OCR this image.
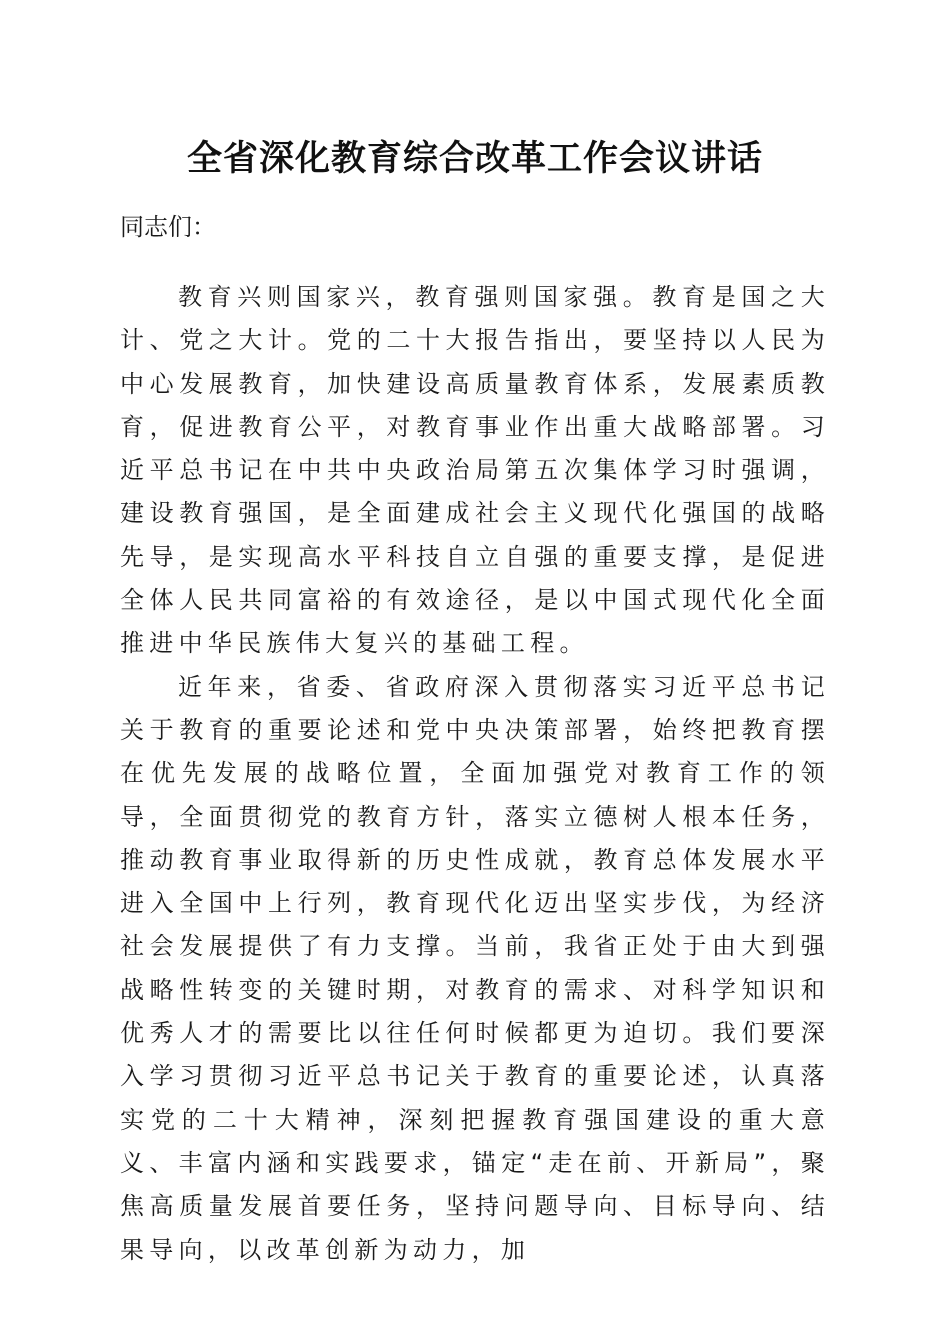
全省深化教育综合改革工作会议讲话

同志们：

教育兴则国家兴，教育强则国家强。教育是国之大计、党之大计。党的二十大报告指出，要坚持以人民为中心发展教育，加快建设高质量教育体系，发展素质教育，促进教育公平，对教育事业作出重大战略部署。习近平总书记在中共中央政治局第五次集体学习时强调，建设教育强国，是全面建成社会主义现代化强国的战略先导，是实现高水平科技自立自强的重要支撑，是促进全体人民共同富裕的有效途径，是以中国式现代化全面推进中华民族伟大复兴的基础工程。

近年来，省委、省政府深入贯彻落实习近平总书记关于教育的重要论述和党中央决策部署，始终把教育摆在优先发展的战略位置，全面加强党对教育工作的领导，全面贯彻党的教育方针，落实立德树人根本任务，推动教育事业取得新的历史性成就，教育总体发展水平进入全国中上行列，教育现代化迈出坚实步伐，为经济社会发展提供了有力支撑。当前，我省正处于由大到强战略性转变的关键时期，对教育的需求、对科学知识和优秀人才的需要比以往任何时候都更为迫切。我们要深入学习贯彻习近平总书记关于教育的重要论述，认真落实党的二十大精神，深刻把握教育强国建设的重大意义、丰富内涵和实践要求，锚定“走在前、开新局”，聚焦高质量发展首要任务，坚持问题导向、目标导向、结果导向，以改革创新为动力，加
